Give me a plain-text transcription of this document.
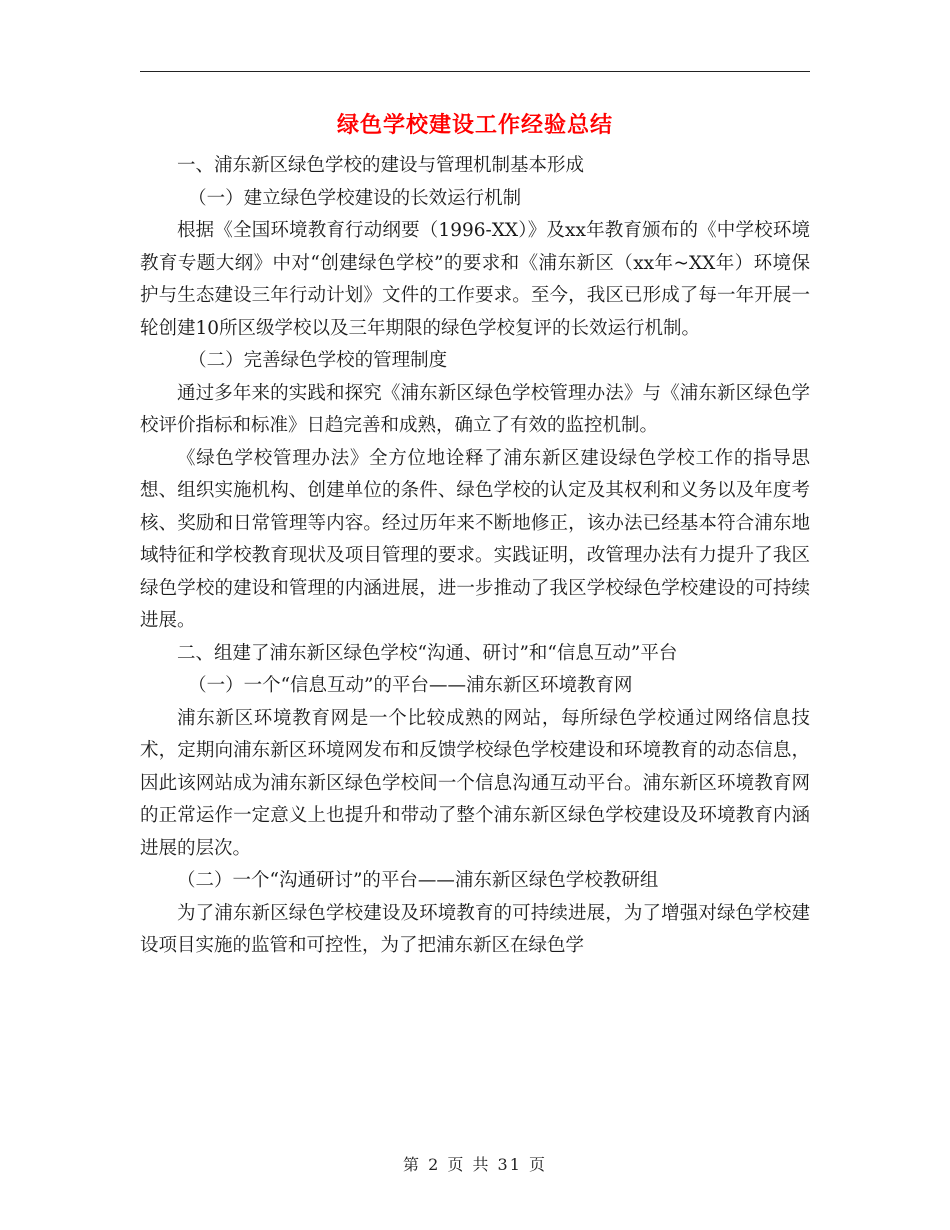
绿色学校建设工作经验总结

一、浦东新区绿色学校的建设与管理机制基本形成

（一）建立绿色学校建设的长效运行机制

根据《全国环境教育行动纲要（1996-XX）》及xx年教育颁布的《中学校环境教育专题大纲》中对“创建绿色学校”的要求和《浦东新区（xx年~XX年）环境保护与生态建设三年行动计划》文件的工作要求。至今，我区已形成了每一年开展一轮创建10所区级学校以及三年期限的绿色学校复评的长效运行机制。

（二）完善绿色学校的管理制度

通过多年来的实践和探究《浦东新区绿色学校管理办法》与《浦东新区绿色学校评价指标和标准》日趋完善和成熟，确立了有效的监控机制。

《绿色学校管理办法》全方位地诠释了浦东新区建设绿色学校工作的指导思想、组织实施机构、创建单位的条件、绿色学校的认定及其权利和义务以及年度考核、奖励和日常管理等内容。经过历年来不断地修正，该办法已经基本符合浦东地域特征和学校教育现状及项目管理的要求。实践证明，改管理办法有力提升了我区绿色学校的建设和管理的内涵进展，进一步推动了我区学校绿色学校建设的可持续进展。

二、组建了浦东新区绿色学校“沟通、研讨”和“信息互动”平台

（一）一个“信息互动”的平台——浦东新区环境教育网

浦东新区环境教育网是一个比较成熟的网站，每所绿色学校通过网络信息技术，定期向浦东新区环境网发布和反馈学校绿色学校建设和环境教育的动态信息，因此该网站成为浦东新区绿色学校间一个信息沟通互动平台。浦东新区环境教育网的正常运作一定意义上也提升和带动了整个浦东新区绿色学校建设及环境教育内涵进展的层次。

（二）一个“沟通研讨”的平台——浦东新区绿色学校教研组

为了浦东新区绿色学校建设及环境教育的可持续进展，为了增强对绿色学校建设项目实施的监管和可控性，为了把浦东新区在绿色学

第 2 页 共 31 页
